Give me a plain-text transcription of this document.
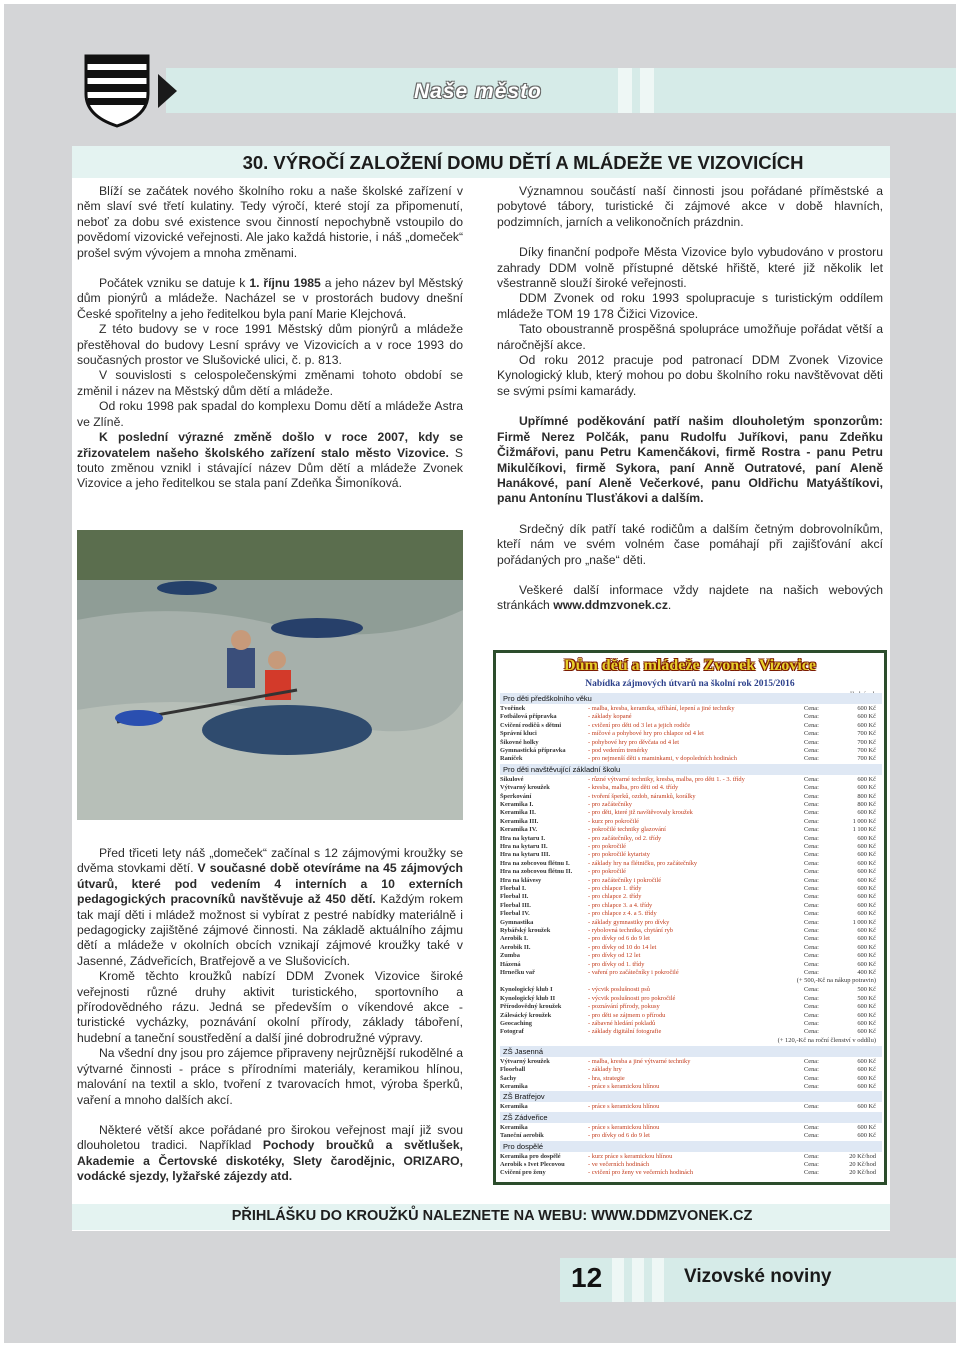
Naše město
30. VÝROČÍ ZALOŽENÍ DOMU DĚTÍ A MLÁDEŽE VE VIZOVICÍCH

Blíží se začátek nového školního roku a naše školské zařízení v něm slaví své třetí kulatiny. Tedy výročí, které stojí za připomenutí, neboť za dobu své existence svou činností nepochybně vstoupilo do povědomí vizovické veřejnosti. Ale jako každá historie, i náš „domeček“ prošel svým vývojem a mnoha změnami.

Počátek vzniku se datuje k 1. říjnu 1985 a jeho název byl Městský dům pionýrů a mládeže. Nacházel se v prostorách budovy dnešní České spořitelny a jeho ředitelkou byla paní Marie Klejchová.

Z této budovy se v roce 1991 Městský dům pionýrů a mládeže přestěhoval do budovy Lesní správy ve Vizovicích a v roce 1993 do současných prostor ve Slušovické ulici, č. p. 813.

V souvislosti s celospolečenskými změnami tohoto období se změnil i název na Městský dům dětí a mládeže.

Od roku 1998 pak spadal do komplexu Domu dětí a mládeže Astra ve Zlíně.

K poslední výrazné změně došlo v roce 2007, kdy se zřizovatelem našeho školského zařízení stalo město Vizovice. S touto změnou vznikl i stávající název Dům dětí a mládeže Zvonek Vizovice a jeho ředitelkou se stala paní Zdeňka Šimoníková.

Před třiceti lety náš „domeček“ začínal s 12 zájmovými kroužky se dvěma stovkami dětí. V současné době otevíráme na 45 zájmových útvarů, které pod vedením 4 interních a 10 externích pedagogických pracovníků navštěvuje až 450 dětí. Každým rokem tak mají děti i mládež možnost si vybírat z pestré nabídky materiálně i pedagogicky zajištěné zájmové činnosti. Na základě aktuálního zájmu dětí a mládeže v okolních obcích vznikají zájmové kroužky také v Jasenné, Zádveřicích, Bratřejově a ve Slušovicích.

Kromě těchto kroužků nabízí DDM Zvonek Vizovice široké veřejnosti různé druhy aktivit turistického, sportovního a přírodovědného rázu. Jedná se především o víkendové akce - turistické vycházky, poznávání okolní přírody, základy táboření, hudební a taneční soustředění a další jiné dobrodružné výpravy.

Na všední dny jsou pro zájemce připraveny nejrůznější rukodělné a výtvarné činnosti - práce s přírodními materiály, keramikou hlínou, malování na textil a sklo, tvoření z tvarovacích hmot, výroba šperků, vaření a mnoho dalších akcí.

Některé větší akce pořádané pro širokou veřejnost mají již svou dlouholetou tradici. Například Pochody broučků a světlušek, Akademie a Čertovské diskotéky, Slety čarodějnic, ORIZARO, vodácké sjezdy, lyžařské zájezdy atd.

Významnou součástí naší činnosti jsou pořádané příměstské a pobytové tábory, turistické či zájmové akce v době hlavních, podzimních, jarních a velikonočních prázdnin.

Díky finanční podpoře Města Vizovice bylo vybudováno v prostoru zahrady DDM volně přístupné dětské hřiště, které již několik let všestranně slouží široké veřejnosti.

DDM Zvonek od roku 1993 spolupracuje s turistickým oddílem mládeže TOM 19 178 Čižici Vizovice.

Tato oboustranně prospěšná spolupráce umožňuje pořádat větší a náročnější akce.

Od roku 2012 pracuje pod patronací DDM Zvonek Vizovice Kynologický klub, který mohou po dobu školního roku navštěvovat děti se svými psími kamarády.

Upřímné poděkování patří našim dlouholetým sponzorům: Firmě Nerez Polčák, panu Rudolfu Juříkovi, panu Zdeňku Čižmářovi, panu Petru Kamenčákovi, firmě Rostra - panu Petru Mikulčíkovi, firmě Sykora, paní Anně Outratové, paní Aleně Hanákové, paní Aleně Večerkové, panu Oldřichu Matyáštíkovi, panu Antonínu Tlusťákovi a dalším.

Srdečný dík patří také rodičům a dalším četným dobrovolníkům, kteří nám ve svém volném čase pomáhají při zajišťování akcí pořádaných pro „naše“ děti.

Veškeré další informace vždy najdete na našich webových stránkách www.ddmzvonek.cz.

Dům dětí a mládeže Zvonek Vizovice
Nabídka zájmových útvarů na školní rok 2015/2016
Pro děti předškolního věku
Tvořínek	- malba, kresba, keramika, stříhání, lepení a jiné techniky	Cena:	600 Kč
Fotbálová přípravka	- základy kopané	Cena:	600 Kč
Cvičení rodičů s dětmi	- cvičení pro děti od 3 let a jejich rodiče	Cena:	600 Kč
Správní kluci	- míčové a pohybové hry pro chlapce od 4 let	Cena:	700 Kč
Šikovné holky	- pohybové hry pro děvčata od 4 let	Cena:	700 Kč
Gymnastická přípravka	- pod vedením trenérky	Cena:	700 Kč
Raníček	- pro nejmenší děti s maminkami, v dopoledních hodinách	Cena:	700 Kč
Pro děti navštěvující základní školu
Sikulové	- různé výtvarné techniky, kresba, malba, pro děti 1. - 3. třídy	Cena:	600 Kč
Výtvarný kroužek	- kresba, malba, pro děti od 4. třídy	Cena:	600 Kč
Šperkování	- tvoření šperků, ozdob, náramků, korálky	Cena:	800 Kč
Keramika I.	- pro začátečníky	Cena:	800 Kč
Keramika II.	- pro děti, které již navštěvovaly kroužek	Cena:	600 Kč
Keramika III.	- kurz pro pokročilé	Cena:	1 000 Kč
Keramika IV.	- pokročilé techniky glazování	Cena:	1 100 Kč
Hra na kytaru I.	- pro začátečníky, od 2. třídy	Cena:	600 Kč
Hra na kytaru II.	- pro pokročilé	Cena:	600 Kč
Hra na kytaru III.	- pro pokročilé kytaristy	Cena:	600 Kč
Hra na zobcovou flétnu I.	- základy hry na flétničku, pro začátečníky	Cena:	600 Kč
Hra na zobcovou flétnu II. - pro pokročilé	Cena:	600 Kč
Hra na klávesy	- pro začátečníky i pokročilé	Cena:	600 Kč
Florbal I.	- pro chlapce 1. třídy	Cena:	600 Kč
Florbal II.	- pro chlapce 2. třídy	Cena:	600 Kč
Florbal III.	- pro chlapce 3. a 4. třídy	Cena:	600 Kč
Florbal IV.	- pro chlapce z 4. a 5. třídy	Cena:	600 Kč
Gymnastika	- základy gymnastiky pro dívky	Cena:	1 000 Kč
Rybářský kroužek	- rybolovná technika, chytání ryb	Cena:	600 Kč
Aerobik I.	- pro dívky od 6 do 9 let	Cena:	600 Kč
Aerobik II.	- pro dívky od 10 do 14 let	Cena:	600 Kč
Zumba	- pro dívky od 12 let	Cena:	600 Kč
Házená	- pro dívky od 1. třídy	Cena:	600 Kč
Hrnečku vař	- vaření pro začátečníky i pokročilé	Cena:	400 Kč
(+ 500,-Kč na nákup potravin)
Kynologický klub I	- výcvik poslušnosti psů	Cena:	500 Kč
Kynologický klub II	- výcvik poslušnosti pro pokročilé	Cena:	500 Kč
Přírodovědný kroužek	- poznávání přírody, pokusy	Cena:	600 Kč
Zálesácký kroužek	- pro děti se zájmem o přírodu	Cena:	600 Kč
Geocaching	- zábavné hledání pokladů	Cena:	600 Kč
Fotograf	- základy digitální fotografie	Cena:	600 Kč
(+ 120,-Kč na roční členství v oddílu)
ZŠ Jasenná
Výtvarný kroužek	- malba, kresba a jiné výtvarné techniky	Cena:	600 Kč
Floorball	- základy hry	Cena:	600 Kč
Šachy	- hra, strategie	Cena:	600 Kč
Keramika	- práce s keramickou hlínou	Cena:	600 Kč
ZŠ Bratřejov
Keramika	- práce s keramickou hlínou	Cena:	600 Kč
ZŠ Zádveřice
Keramika	- práce s keramickou hlínou	Cena:	600 Kč
Taneční aerobik	- pro dívky od 6 do 9 let	Cena:	600 Kč
Pro dospělé
Keramika pro dospělé	- kurz práce s keramickou hlínou	Cena:	20 Kč/hod
Aerobik s Ivet Plecovou	- ve večerních hodinách	Cena:	20 Kč/hod
Cvičení pro ženy	- cvičení pro ženy ve večerních hodinách	Cena:	20 Kč/hod
PŘIHLÁŠKU DO KROUŽKŮ NALEZNETE NA WEBU: WWW.DDMZVONEK.CZ
12	Vizovské noviny
